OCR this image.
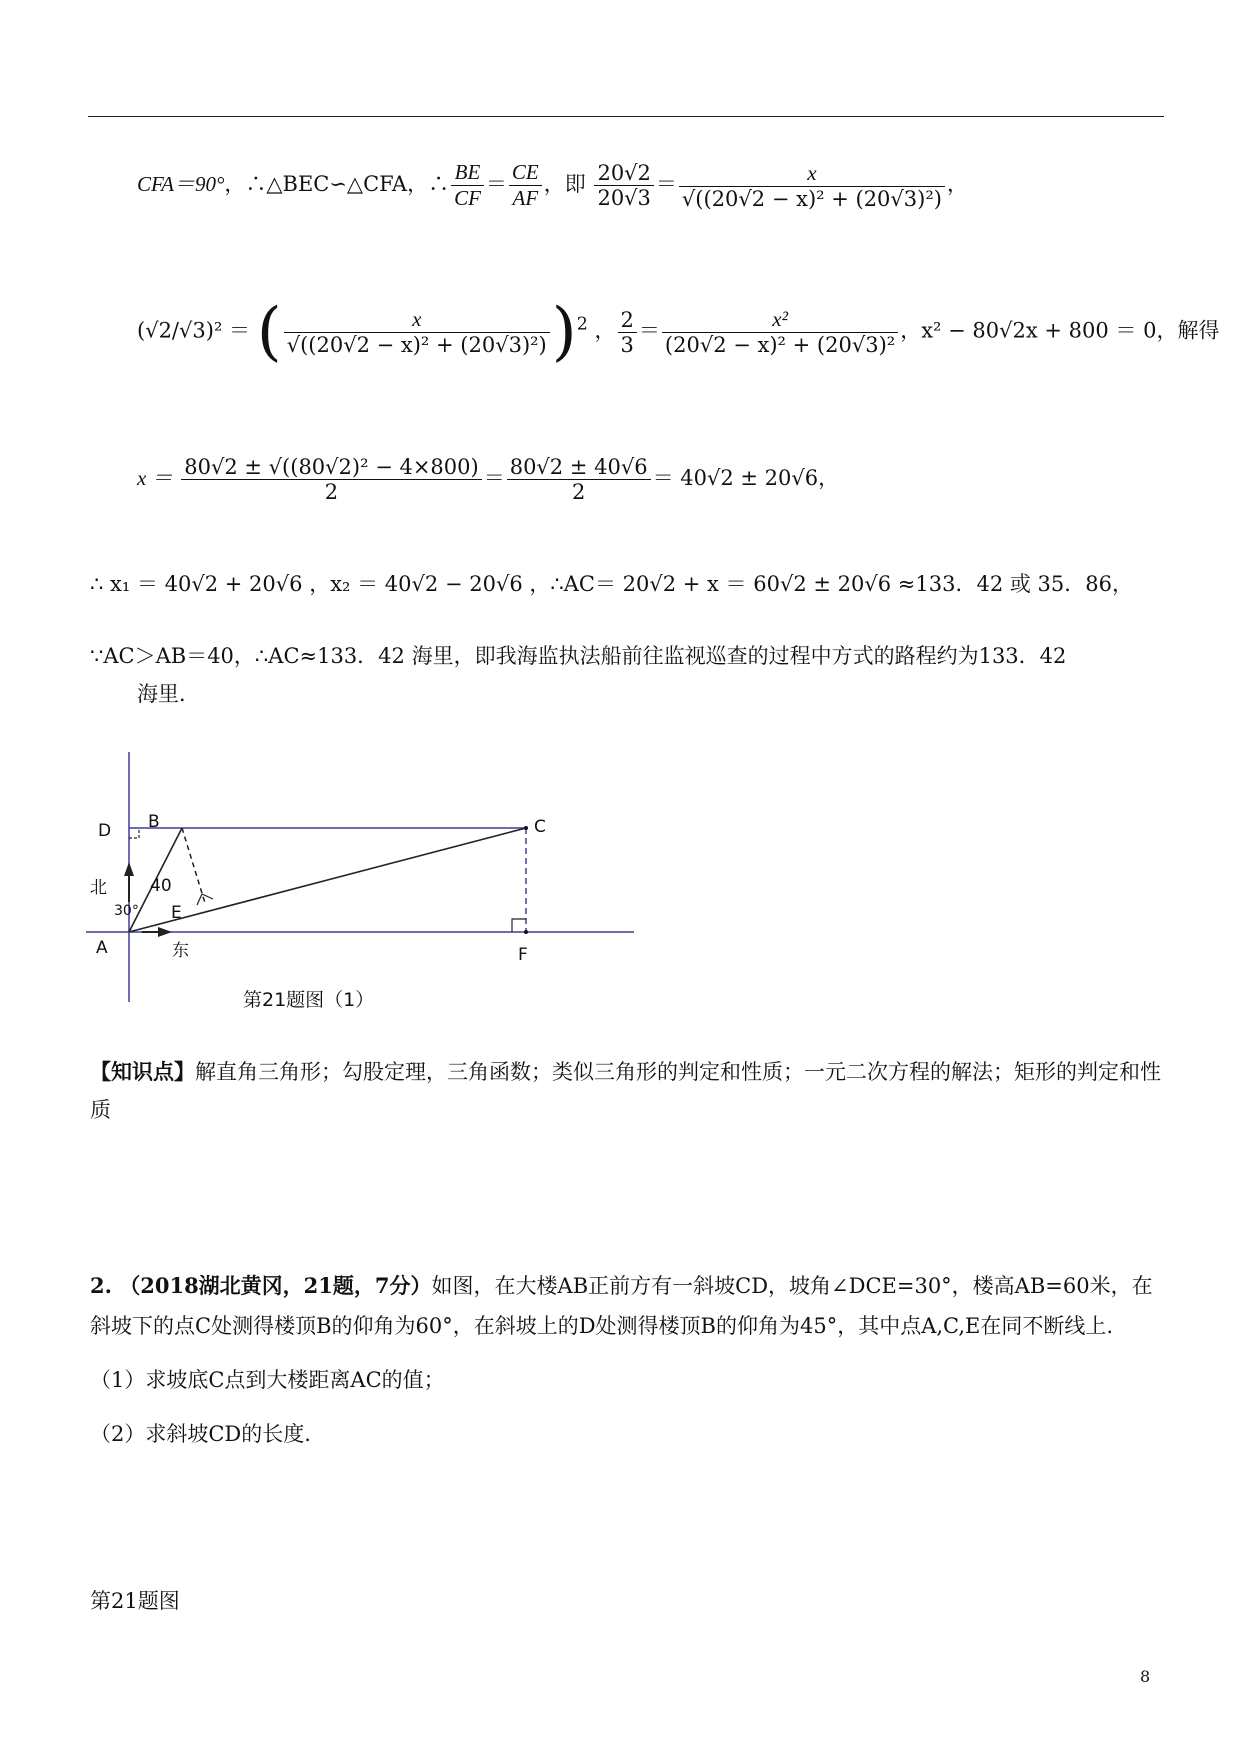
CFA＝90°，∴△BEC∽△CFA，∴ $\frac{BE}{CF} = \frac{CE}{AF}$ ，即 $\frac{20√2}{20√3} = \frac{x}{\text{√((20√2 − x)² + (20√3)²)}}$ ，
(√2/√3)² ＝ ( $\frac{x}{\text{√((20√2 − x)² + (20√3)²)}} )^2$ ， $\frac{2}{3} = \frac{\text{x²}}{\text{(20√2 − x)² + (20√3)²}}$ ，x² − 80√2x + 800 ＝ 0，解得
$x = \frac{\text{80√2 ± √((80√2)² − 4×800)}}{2} = \frac{80√2 \pm 40√6}{2} = 40√2 \pm 20√6$，
∴ x₁ ＝ 40√2 + 20√6 ，x₂ ＝ 40√2 − 20√6 ，∴AC＝ 20√2 + x ＝ 60√2 ± 20√6 ≈133．42 或 35．86，
∵AC＞AB＝40，∴AC≈133．42 海里，即我海监执法船前往监视巡查的过程中方式的路程约为133．42
海里．
A
B	C
D
E
F
北
东
30°
40
第21题图（1）
【知识点】解直角三角形；勾股定理，三角函数；类似三角形的判定和性质；一元二次方程的解法；矩形的判定和性质
2. （2018湖北黄冈，21题，7分）如图，在大楼AB正前方有一斜坡CD，坡角∠DCE=30°，楼高AB=60米，在斜坡下的点C处测得楼顶B的仰角为60°，在斜坡上的D处测得楼顶B的仰角为45°，其中点A,C,E在同不断线上.
（1）求坡底C点到大楼距离AC的值；
（2）求斜坡CD的长度.
第21题图
8
